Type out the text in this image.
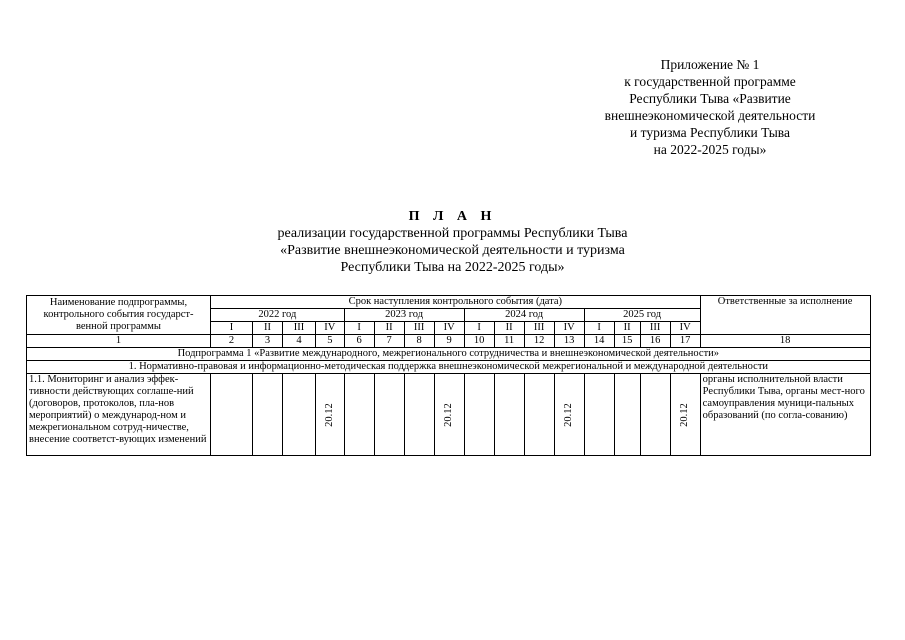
Приложение № 1
к государственной программе
Республики Тыва «Развитие
внешнеэкономической деятельности
и туризма Республики Тыва
на 2022-2025 годы»
П Л А Н
реализации государственной программы Республики Тыва
«Развитие внешнеэкономической деятельности и туризма
Республики Тыва на 2022-2025 годы»
Наименование подпрограммы, контрольного события государст-венной программы	Срок наступления контрольного события (дата)																Ответственные за исполнение
	2022 год				2023 год				2024 год				2025 год				
	I	II	III	IV	I	II	III	IV	I	II	III	IV	I	II	III	IV	
1	2	3	4	5	6	7	8	9	10	11	12	13	14	15	16	17	18
Подпрограмма 1 «Развитие международного, межрегионального сотрудничества и внешнеэкономической деятельности»																	
1. Нормативно-правовая и информационно-методическая поддержка внешнеэкономической межрегиональной и международной деятельности																	
1.1. Мониторинг и анализ эффек-тивности действующих соглаше-ний (договоров, протоколов, пла-нов мероприятий) о международ-ном и межрегиональном сотруд-ничестве, внесение соответст-вующих изменений				20.12				20.12				20.12				20.12	органы исполнительной власти Республики Тыва, органы мест-ного самоуправления муници-пальных образований (по согла-сованию)
